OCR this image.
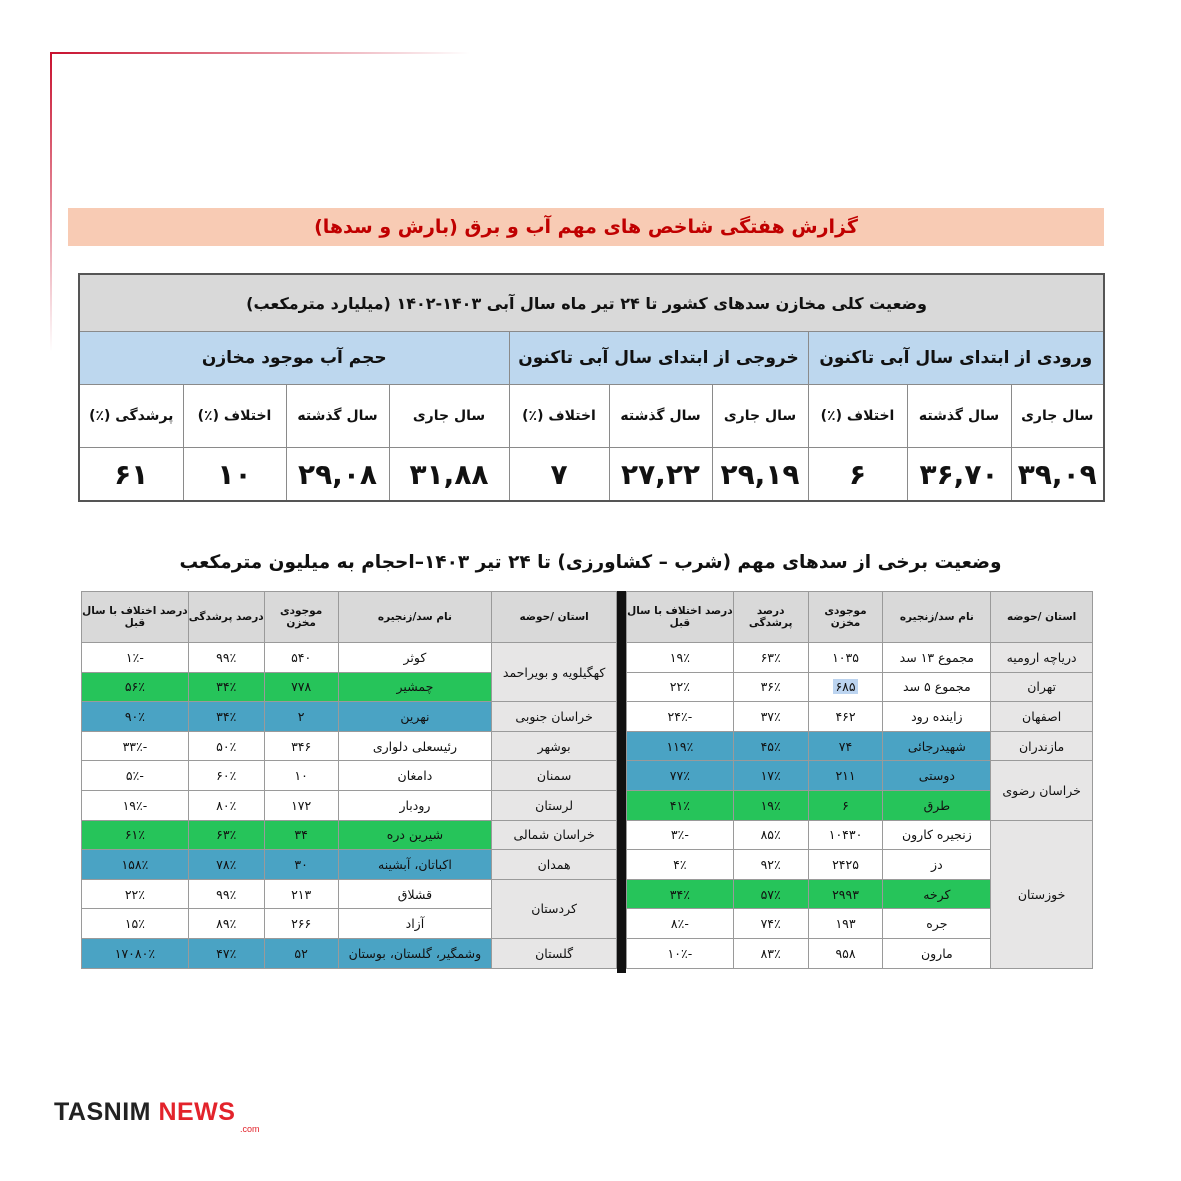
گزارش هفتگی شاخص های مهم آب و برق (بارش و سدها)
وضعیت کلی مخازن سدهای کشور تا ۲۴ تیر ماه سال آبی ۱۴۰۳-۱۴۰۲ (میلیارد مترمکعب)									
ورودی از ابتدای سال آبی تاکنون			خروجی از ابتدای سال آبی تاکنون			حجم آب موجود مخازن			
سال جاری	سال گذشته	اختلاف (٪)	سال جاری	سال گذشته	اختلاف (٪)	سال جاری	سال گذشته	اختلاف (٪)	پرشدگی (٪)
۳۹,۰۹	۳۶,۷۰	۶	۲۹,۱۹	۲۷,۲۲	۷	۳۱,۸۸	۲۹,۰۸	۱۰	۶۱
وضعیت برخی از سدهای مهم (شرب – کشاورزی) تا ۲۴ تیر ۱۴۰۳–احجام به میلیون مترمکعب
استان /حوضه	نام سد/زنجیره	موجودی مخزن	درصد پرشدگی	درصد اختلاف با سال قبل
دریاچه ارومیه	مجموع ۱۳ سد	۱۰۳۵	۶۳٪	۱۹٪
تهران	مجموع ۵ سد	۶۸۵	۳۶٪	۲۲٪
اصفهان	زاینده رود	۴۶۲	۳۷٪	-۲۴٪
مازندران	شهیدرجائی	۷۴	۴۵٪	۱۱۹٪
خراسان رضوی	دوستی	۲۱۱	۱۷٪	۷۷٪
	طرق	۶	۱۹٪	۴۱٪
خوزستان	زنجیره کارون	۱۰۴۳۰	۸۵٪	-۳٪
	دز	۲۴۲۵	۹۲٪	۴٪
	کرخه	۲۹۹۳	۵۷٪	۳۴٪
	جره	۱۹۳	۷۴٪	-۸٪
	مارون	۹۵۸	۸۳٪	-۱۰٪
استان /حوضه	نام سد/زنجیره	موجودی مخزن	درصد پرشدگی	درصد اختلاف با سال قبل
کهگیلویه و بویراحمد	کوثر	۵۴۰	۹۹٪	-۱٪
	چمشیر	۷۷۸	۳۴٪	۵۶٪
خراسان جنوبی	نهرین	۲	۳۴٪	۹۰٪
بوشهر	رئیسعلی دلواری	۳۴۶	۵۰٪	-۳۳٪
سمنان	دامغان	۱۰	۶۰٪	-۵٪
لرستان	رودبار	۱۷۲	۸۰٪	-۱۹٪
خراسان شمالی	شیرین دره	۳۴	۶۳٪	۶۱٪
همدان	اکباتان، آبشینه	۳۰	۷۸٪	۱۵۸٪
کردستان	قشلاق	۲۱۳	۹۹٪	۲۲٪
	آزاد	۲۶۶	۸۹٪	۱۵٪
گلستان	وشمگیر، گلستان، بوستان	۵۲	۴۷٪	۱۷۰۸۰٪
TASNIM NEWS
.com
